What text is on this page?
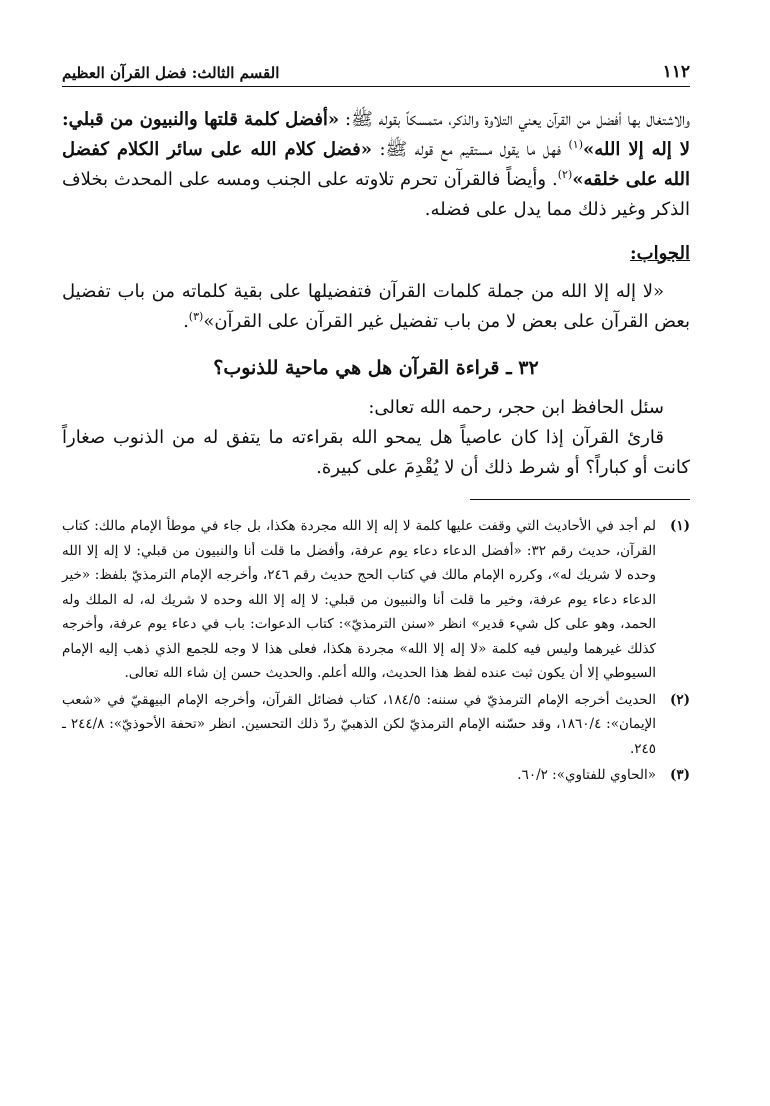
١١٢
القسم الثالث: فضل القرآن العظيم

والاشتغال بها أفضل من القرآن يعني التلاوة والذكر، متمسكاً بقوله ﷺ: «أفضل كلمة قلتها والنبيون من قبلي: لا إله إلا الله»$^{(١)}$ فهل ما يقول مستقيم مع قوله ﷺ: «فضل كلام الله على سائر الكلام كفضل الله على خلقه»$^{(٢)}$. وأيضاً فالقرآن تحرم تلاوته على الجنب ومسه على المحدث بخلاف الذكر وغير ذلك مما يدل على فضله.

الجواب:

«لا إله إلا الله من جملة كلمات القرآن فتفضيلها على بقية كلماته من باب تفضيل بعض القرآن على بعض لا من باب تفضيل غير القرآن على القرآن»$^{(٣)}$.

٣٢ ـ قراءة القرآن هل هي ماحية للذنوب؟

سئل الحافظ ابن حجر، رحمه الله تعالى:

قارئ القرآن إذا كان عاصياً هل يمحو الله بقراءته ما يتفق له من الذنوب صغاراً كانت أو كباراً؟ أو شرط ذلك أن لا يُقْدِمَ على كبيرة.

(١)
لم أجد في الأحاديث التي وقفت عليها كلمة لا إله إلا الله مجردة هكذا، بل جاء في موطأ الإمام مالك: كتاب القرآن، حديث رقم ٣٢: «أفضل الدعاء دعاء يوم عرفة، وأفضل ما قلت أنا والنبيون من قبلي: لا إله إلا الله وحده لا شريك له»، وكرره الإمام مالك في كتاب الحج حديث رقم ٢٤٦، وأخرجه الإمام الترمذيّ بلفظ: «خير الدعاء دعاء يوم عرفة، وخير ما قلت أنا والنبيون من قبلي: لا إله إلا الله وحده لا شريك له، له الملك وله الحمد، وهو على كل شيء قدير» انظر «سنن الترمذيّ»: كتاب الدعوات: باب في دعاء يوم عرفة، وأخرجه كذلك غيرهما وليس فيه كلمة «لا إله إلا الله» مجردة هكذا، فعلى هذا لا وجه للجمع الذي ذهب إليه الإمام السيوطي إلا أن يكون ثبت عنده لفظ هذا الحديث، والله أعلم. والحديث حسن إن شاء الله تعالى.
(٢)
الحديث أخرجه الإمام الترمذيّ في سننه: ١٨٤/٥، كتاب فضائل القرآن، وأخرجه الإمام البيهقيّ في «شعب الإيمان»: ١٨٦٠/٤، وقد حسّنه الإمام الترمذيّ لكن الذهبيّ ردّ ذلك التحسين. انظر «تحفة الأحوذيّ»: ٢٤٤/٨ ـ ٢٤٥.
(٣)
«الحاوي للفتاوي»: ٦٠/٢.
